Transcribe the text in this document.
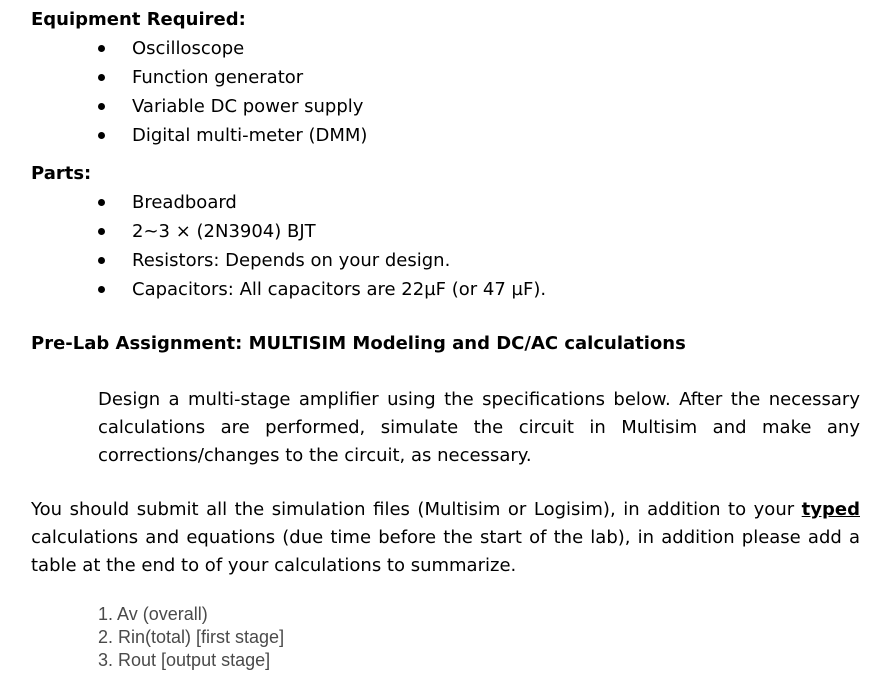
Equipment Required:
Oscilloscope
Function generator
Variable DC power supply
Digital multi-meter (DMM)
Parts:
Breadboard
2~3 × (2N3904) BJT
Resistors: Depends on your design.
Capacitors: All capacitors are 22µF (or 47 µF).
Pre-Lab Assignment: MULTISIM Modeling and DC/AC calculations
Design a multi-stage amplifier using the specifications below. After the necessary
calculations are performed, simulate the circuit in Multisim and make any
corrections/changes to the circuit, as necessary.
You should submit all the simulation files (Multisim or Logisim), in addition to your typed
calculations and equations (due time before the start of the lab), in addition please add a
table at the end to of your calculations to summarize.
1. Av (overall)
2. Rin(total) [first stage]
3. Rout [output stage]
